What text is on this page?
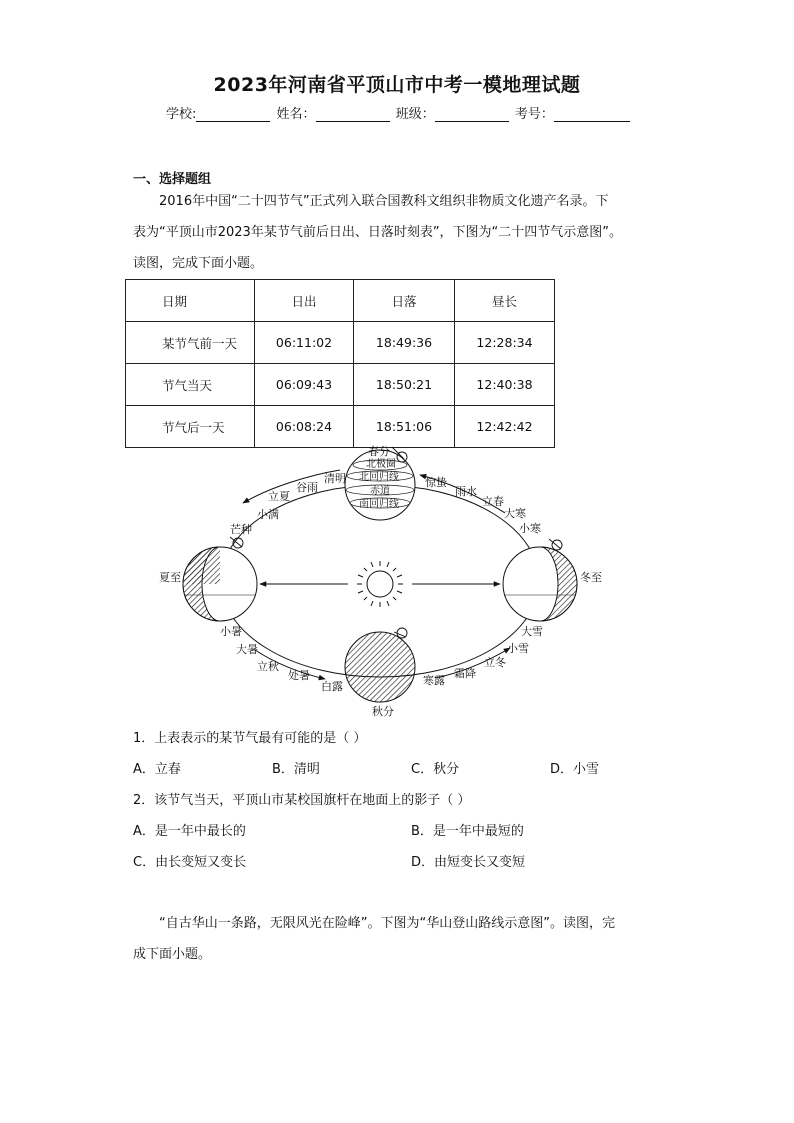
2023年河南省平顶山市中考一模地理试题
学校:	姓名：	班级：	考号：
一、选择题组
2016年中国“二十四节气”正式列入联合国教科文组织非物质文化遗产名录。下
表为“平顶山市2023年某节气前后日出、日落时刻表”，下图为“二十四节气示意图”。
读图，完成下面小题。
日期	日出	日落	昼长
某节气前一天	06:11:02	18:49:36	12:28:34
节气当天	06:09:43	18:50:21	12:40:38
节气后一天	06:08:24	18:51:06	12:42:42
北极圈
北回归线
赤道
南回归线
春分
清明
谷雨
立夏
小满
芒种
夏至
小暑
大暑
立秋
处暑
白露
秋分
寒露
霜降
立冬
小雪
大雪
冬至
小寒
大寒
立春
雨水
惊蛰
1．上表表示的某节气最有可能的是（ ）
A．立春	B．清明	C．秋分	D．小雪
2．该节气当天，平顶山市某校国旗杆在地面上的影子（ ）
A．是一年中最长的	B．是一年中最短的
C．由长变短又变长	D．由短变长又变短
“自古华山一条路，无限风光在险峰”。下图为“华山登山路线示意图”。读图，完
成下面小题。
